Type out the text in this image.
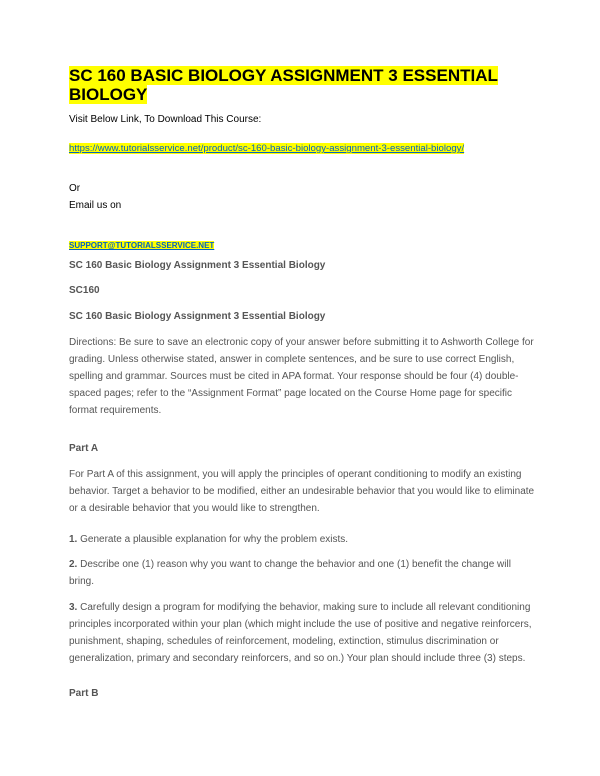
SC 160 BASIC BIOLOGY ASSIGNMENT 3 ESSENTIAL
BIOLOGY

Visit Below Link, To Download This Course:
https://www.tutorialsservice.net/product/sc-160-basic-biology-assignment-3-essential-biology/
Or
Email us on
SUPPORT@TUTORIALSSERVICE.NET
SC 160 Basic Biology Assignment 3 Essential Biology
SC160
SC 160 Basic Biology Assignment 3 Essential Biology
Directions: Be sure to save an electronic copy of your answer before submitting it to Ashworth College for
grading. Unless otherwise stated, answer in complete sentences, and be sure to use correct English,
spelling and grammar. Sources must be cited in APA format. Your response should be four (4) double-
spaced pages; refer to the “Assignment Format” page located on the Course Home page for specific
format requirements.
Part A
For Part A of this assignment, you will apply the principles of operant conditioning to modify an existing
behavior. Target a behavior to be modified, either an undesirable behavior that you would like to eliminate
or a desirable behavior that you would like to strengthen.
1. Generate a plausible explanation for why the problem exists.
2. Describe one (1) reason why you want to change the behavior and one (1) benefit the change will
bring.
3. Carefully design a program for modifying the behavior, making sure to include all relevant conditioning
principles incorporated within your plan (which might include the use of positive and negative reinforcers,
punishment, shaping, schedules of reinforcement, modeling, extinction, stimulus discrimination or
generalization, primary and secondary reinforcers, and so on.) Your plan should include three (3) steps.
Part B
